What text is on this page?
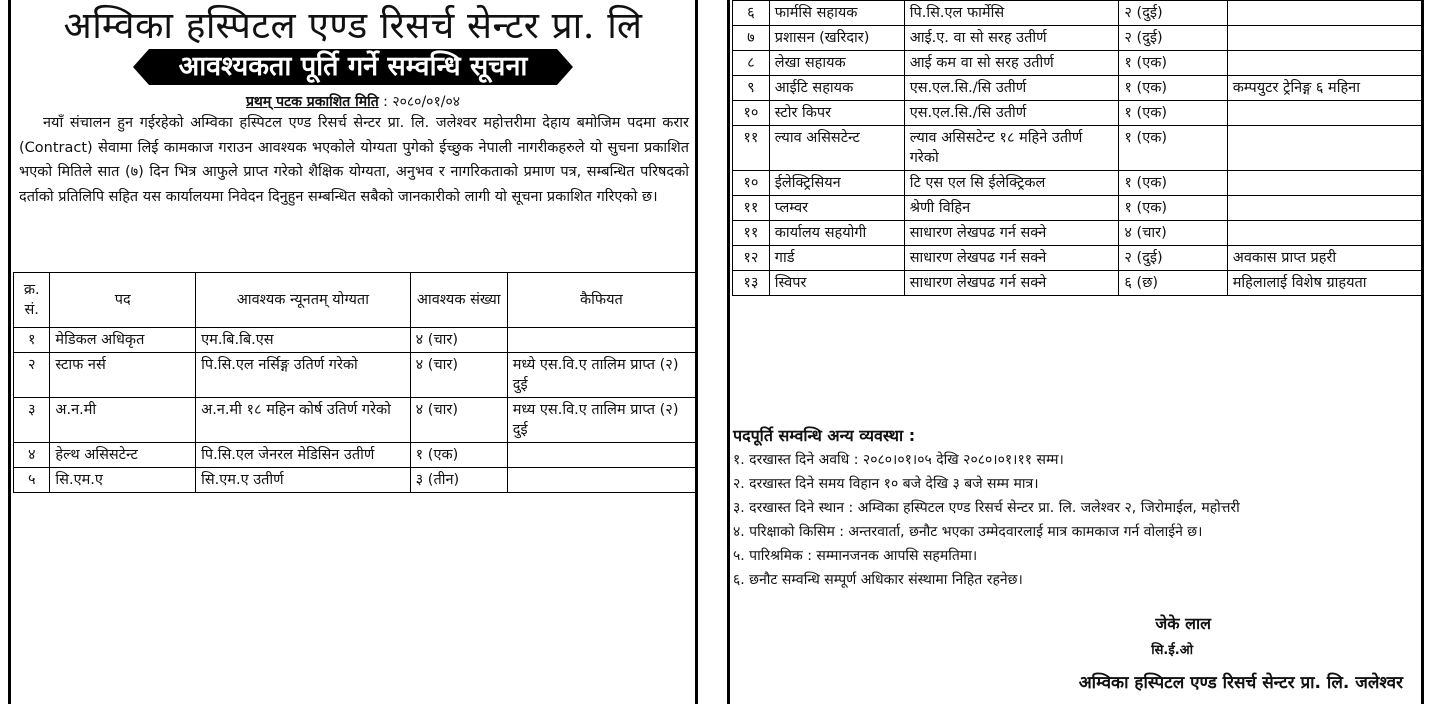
अम्विका हस्पिटल एण्ड रिसर्च सेन्टर प्रा. लि
आवश्यकता पूर्ति गर्ने सम्वन्धि सूचना
प्रथम् पटक प्रकाशित मिति : २०८०/०१/०४

नयाँ संचालन हुन गईरहेको अम्विका हस्पिटल एण्ड रिसर्च सेन्टर प्रा. लि. जलेश्वर महोत्तरीमा देहाय बमोजिम पदमा करार (Contract) सेवामा लिई कामकाज गराउन आवश्यक भएकोले योग्यता पुगेको ईच्छुक नेपाली नागरीकहरुले यो सुचना प्रकाशित भएको मितिले सात (७) दिन भित्र आफुले प्राप्त गरेको शैक्षिक योग्यता, अनुभव र नागरिकताको प्रमाण पत्र, सम्बन्धित परिषदको दर्ताको प्रतिलिपि सहित यस कार्यालयमा निवेदन दिनुहुन सम्बन्धित सबैको जानकारीको लागी यो सूचना प्रकाशित गरिएको छ।

क्र. सं.	पद	आवश्यक न्यूनतम् योग्यता	आवश्यक संख्या	कैफियत
१	मेडिकल अधिकृत	एम.बि.बि.एस	४ (चार)	
२	स्टाफ नर्स	पि.सि.एल नर्सिङ्ग उतिर्ण गरेको	४ (चार)	मध्ये एस.वि.ए तालिम प्राप्त (२) दुई
३	अ.न.मी	अ.न.मी १८ महिन कोर्ष उतिर्ण गरेको	४ (चार)	मध्य एस.वि.ए तालिम प्राप्त (२) दुई
४	हेल्थ असिसटेन्ट	पि.सि.एल जेनरल मेडिसिन उतीर्ण	१ (एक)	
५	सि.एम.ए	सि.एम.ए उतीर्ण	३ (तीन)	
६	फार्मसि सहायक	पि.सि.एल फार्मेसि	२ (दुई)	
७	प्रशासन (खरिदार)	आई.ए. वा सो सरह उतीर्ण	२ (दुई)	
८	लेखा सहायक	आई कम वा सो सरह उतीर्ण	१ (एक)	
९	आईटि सहायक	एस.एल.सि./सि उतीर्ण	१ (एक)	कम्पयुटर ट्रेनिङ्ग ६ महिना
१०	स्टोर किपर	एस.एल.सि./सि उतीर्ण	१ (एक)	
११	ल्याव असिसटेन्ट	ल्याव असिसटेन्ट १८ महिने उतीर्ण गरेको	१ (एक)	
१०	ईलेक्ट्रिसियन	टि एस एल सि ईलेक्ट्रिकल	१ (एक)	
११	प्लम्वर	श्रेणी विहिन	१ (एक)	
११	कार्यालय सहयोगी	साधारण लेखपढ गर्न सक्ने	४ (चार)	
१२	गार्ड	साधारण लेखपढ गर्न सक्ने	२ (दुई)	अवकास प्राप्त प्रहरी
१३	स्विपर	साधारण लेखपढ गर्न सक्ने	६ (छ)	महिलालाई विशेष ग्राहयता
पदपूर्ति सम्वन्धि अन्य व्यवस्था :
१. दरखास्त दिने अवधि : २०८०।०१।०५ देखि २०८०।०१।११ सम्म।
२. दरखास्त दिने समय विहान १० बजे देखि ३ बजे सम्म मात्र।
३. दरखास्त दिने स्थान : अम्विका हस्पिटल एण्ड रिसर्च सेन्टर प्रा. लि. जलेश्वर २, जिरोमाईल, महोत्तरी
४. परिक्षाको किसिम : अन्तरवार्ता, छनौट भएका उम्मेदवारलाई मात्र कामकाज गर्न वोलाईने छ।
५. पारिश्रमिक : सम्मानजनक आपसि सहमतिमा।
६. छनौट सम्वन्धि सम्पूर्ण अधिकार संस्थामा निहित रहनेछ।
जेके लाल
सि.ई.ओ
अम्विका हस्पिटल एण्ड रिसर्च सेन्टर प्रा. लि. जलेश्वर
